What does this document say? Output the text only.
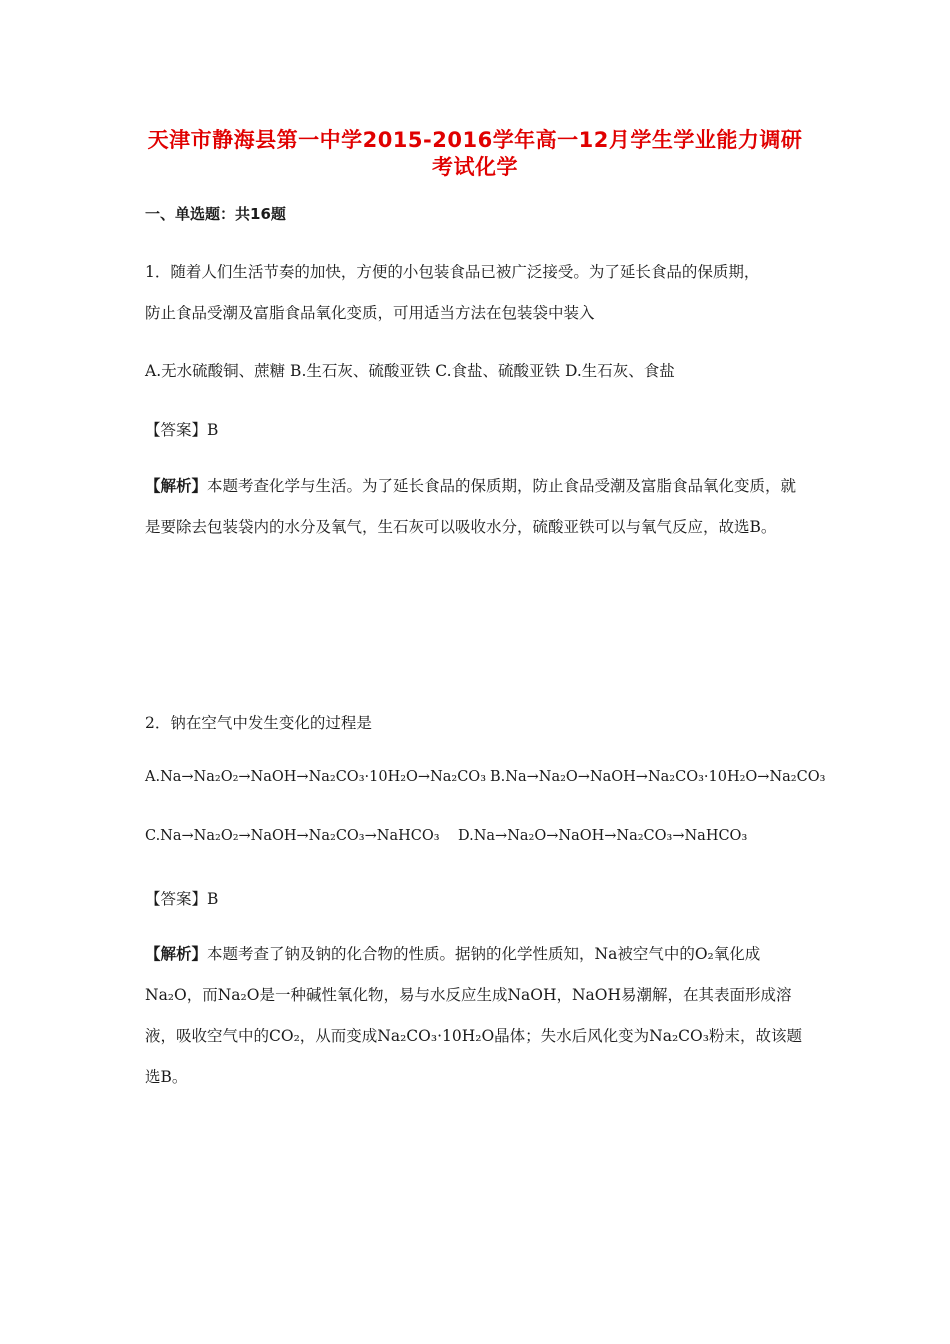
天津市静海县第一中学2015-2016学年高一12月学生学业能力调研
考试化学
一、单选题：共16题
1．随着人们生活节奏的加快，方便的小包装食品已被广泛接受。为了延长食品的保质期，
防止食品受潮及富脂食品氧化变质，可用适当方法在包装袋中装入
A.无水硫酸铜、蔗糖 B.生石灰、硫酸亚铁 C.食盐、硫酸亚铁 D.生石灰、食盐
【答案】B
【解析】本题考查化学与生活。为了延长食品的保质期，防止食品受潮及富脂食品氧化变质，就是要除去包装袋内的水分及氧气，生石灰可以吸收水分，硫酸亚铁可以与氧气反应，故选B。
2．钠在空气中发生变化的过程是
A.Na→Na₂O₂→NaOH→Na₂CO₃·10H₂O→Na₂CO₃ B.Na→Na₂O→NaOH→Na₂CO₃·10H₂O→Na₂CO₃
C.Na→Na₂O₂→NaOH→Na₂CO₃→NaHCO₃ D.Na→Na₂O→NaOH→Na₂CO₃→NaHCO₃
【答案】B
【解析】本题考查了钠及钠的化合物的性质。据钠的化学性质知，Na被空气中的O₂氧化成Na₂O，而Na₂O是一种碱性氧化物，易与水反应生成NaOH，NaOH易潮解，在其表面形成溶液，吸收空气中的CO₂，从而变成Na₂CO₃·10H₂O晶体；失水后风化变为Na₂CO₃粉末，故该题选B。
